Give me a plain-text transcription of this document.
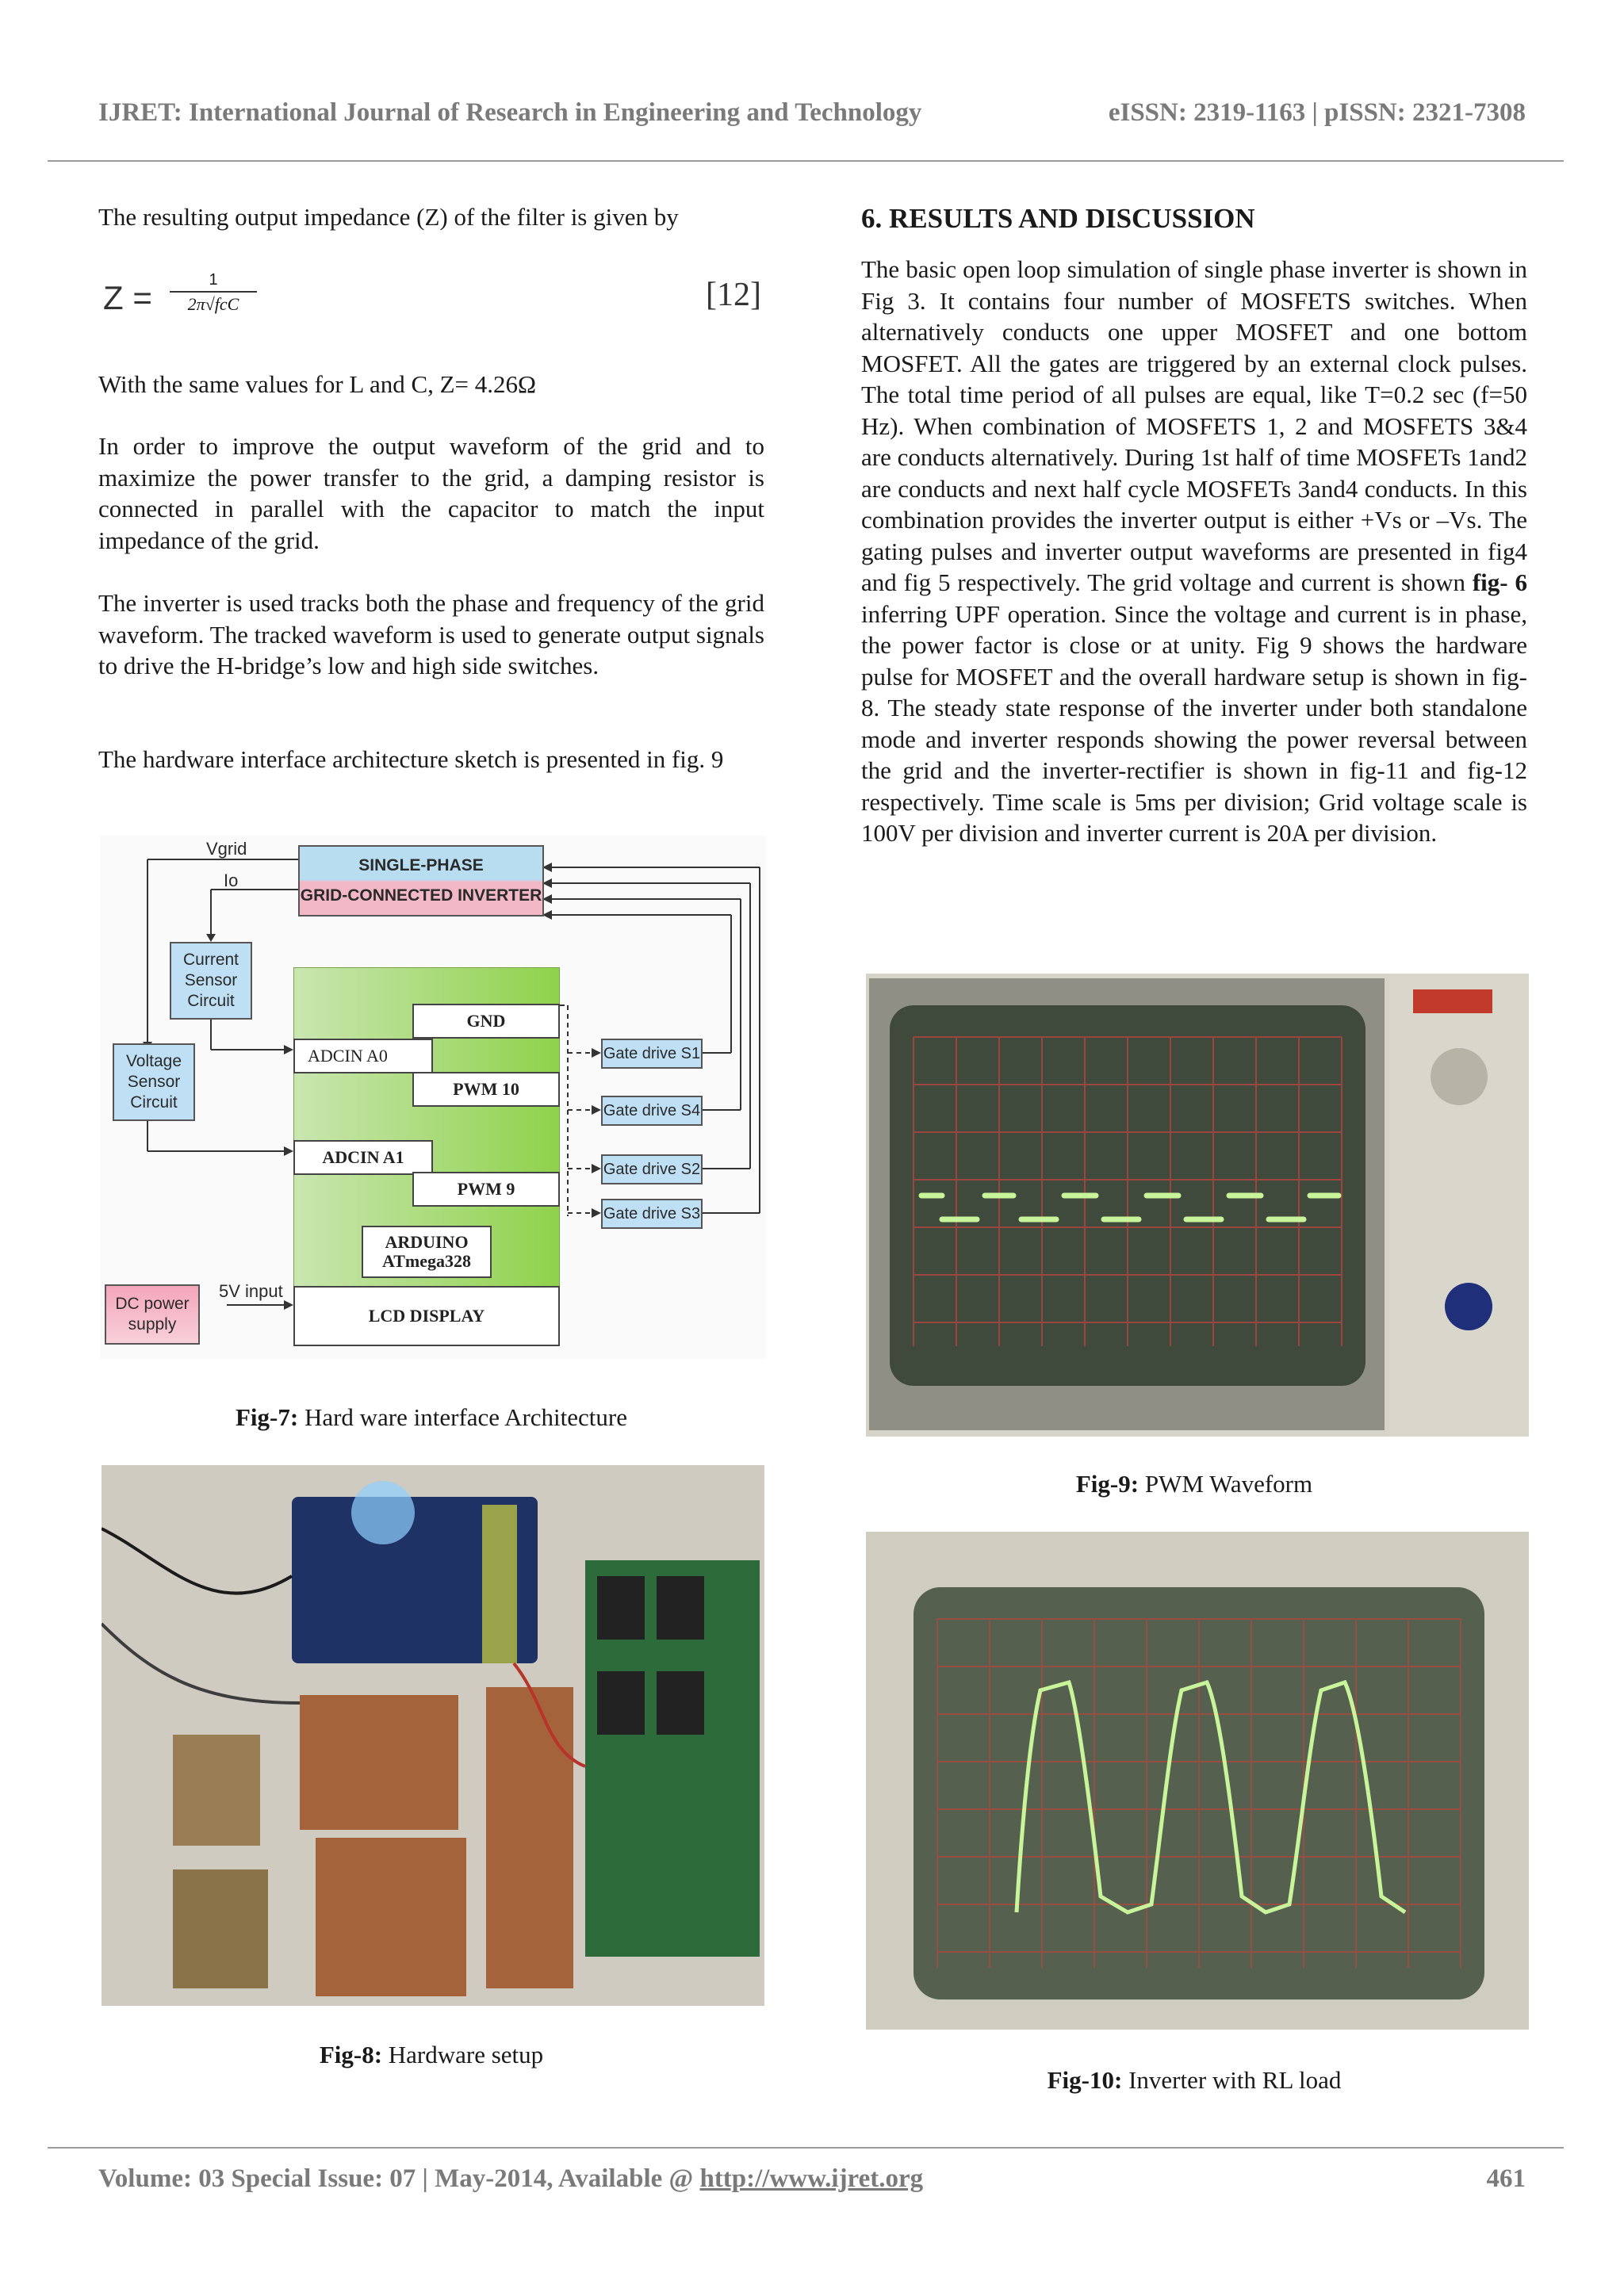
IJRET: International Journal of Research in Engineering and Technology	eISSN: 2319-1163 | pISSN: 2321-7308

The resulting output impedance (Z) of the filter is given by

Z =	1
2π√fcC	[12]

With the same values for L and C, Z= 4.26Ω

In order to improve the output waveform of the grid and to maximize the power transfer to the grid, a damping resistor is connected in parallel with the capacitor to match the input impedance of the grid.

The inverter is used tracks both the phase and frequency of the grid waveform. The tracked waveform is used to generate output signals to drive the H-bridge’s low and high side switches.

The hardware interface architecture sketch is presented in fig. 9

Vgrid
Io
SINGLE-PHASE
GRID-CONNECTED INVERTER
Current Sensor Circuit
Voltage Sensor Circuit
GND
ADCIN A0
PWM 10
ADCIN A1
PWM 9
ARDUINO
ATmega328
LCD DISPLAY
DC power supply
5V input
Gate drive S1
Gate drive S4
Gate drive S2
Gate drive S3
Fig-7: Hard ware interface Architecture
Fig-8: Hardware setup
6. RESULTS AND DISCUSSION

The basic open loop simulation of single phase inverter is shown in Fig 3. It contains four number of MOSFETS switches. When alternatively conducts one upper MOSFET and one bottom MOSFET. All the gates are triggered by an external clock pulses. The total time period of all pulses are equal, like T=0.2 sec (f=50 Hz). When combination of MOSFETS 1, 2 and MOSFETS 3&4 are conducts alternatively. During 1st half of time MOSFETs 1and2 are conducts and next half cycle MOSFETs 3and4 conducts. In this combination provides the inverter output is either +Vs or –Vs. The gating pulses and inverter output waveforms are presented in fig4 and fig 5 respectively. The grid voltage and current is shown fig- 6 inferring UPF operation. Since the voltage and current is in phase, the power factor is close or at unity. Fig 9 shows the hardware pulse for MOSFET and the overall hardware setup is shown in fig-8. The steady state response of the inverter under both standalone mode and inverter responds showing the power reversal between the grid and the inverter-rectifier is shown in fig-11 and fig-12 respectively. Time scale is 5ms per division; Grid voltage scale is 100V per division and inverter current is 20A per division.

Fig-9: PWM Waveform
Fig-10: Inverter with RL load
Volume: 03 Special Issue: 07 | May-2014, Available @ http://www.ijret.org	461
